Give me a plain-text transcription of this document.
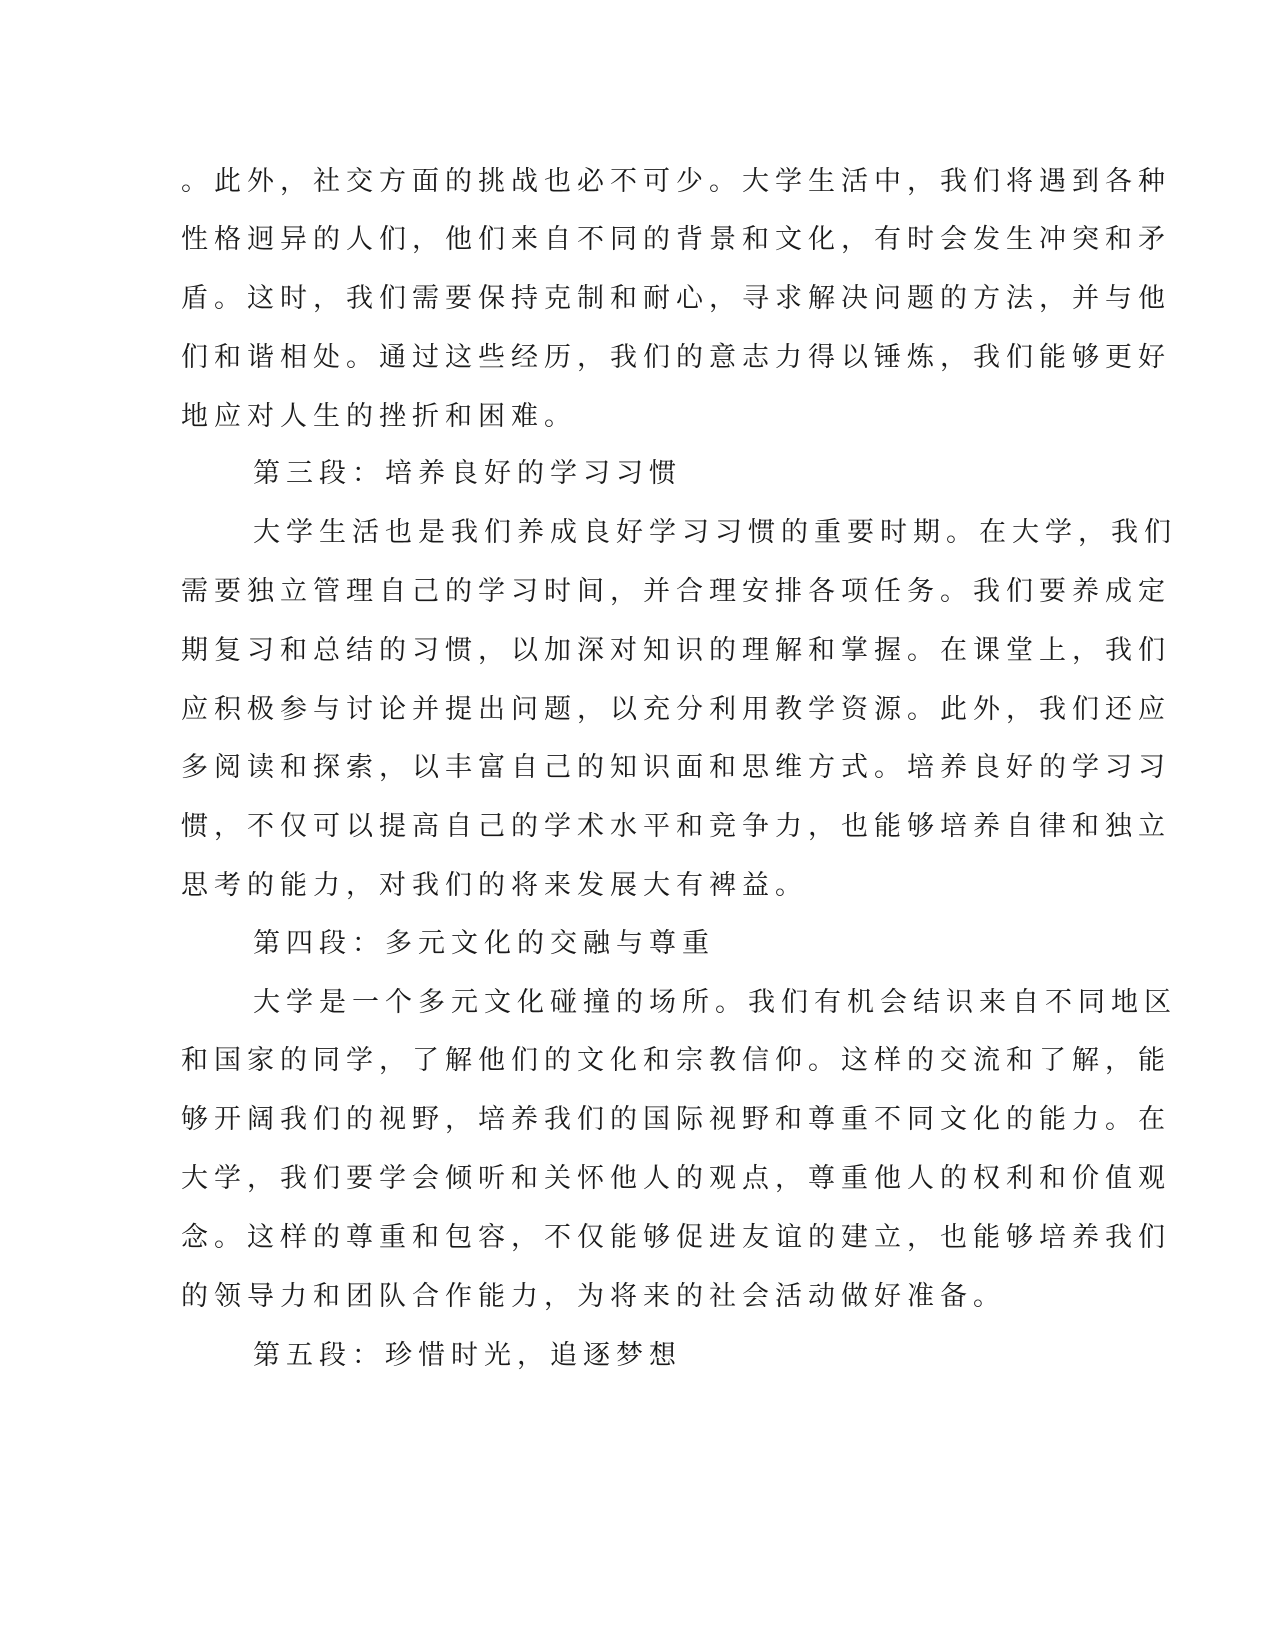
。此外，社交方面的挑战也必不可少。大学生活中，我们将遇到各种
性格迥异的人们，他们来自不同的背景和文化，有时会发生冲突和矛
盾。这时，我们需要保持克制和耐心，寻求解决问题的方法，并与他
们和谐相处。通过这些经历，我们的意志力得以锤炼，我们能够更好
地应对人生的挫折和困难。
第三段：培养良好的学习习惯
大学生活也是我们养成良好学习习惯的重要时期。在大学，我们
需要独立管理自己的学习时间，并合理安排各项任务。我们要养成定
期复习和总结的习惯，以加深对知识的理解和掌握。在课堂上，我们
应积极参与讨论并提出问题，以充分利用教学资源。此外，我们还应
多阅读和探索，以丰富自己的知识面和思维方式。培养良好的学习习
惯，不仅可以提高自己的学术水平和竞争力，也能够培养自律和独立
思考的能力，对我们的将来发展大有裨益。
第四段：多元文化的交融与尊重
大学是一个多元文化碰撞的场所。我们有机会结识来自不同地区
和国家的同学，了解他们的文化和宗教信仰。这样的交流和了解，能
够开阔我们的视野，培养我们的国际视野和尊重不同文化的能力。在
大学，我们要学会倾听和关怀他人的观点，尊重他人的权利和价值观
念。这样的尊重和包容，不仅能够促进友谊的建立，也能够培养我们
的领导力和团队合作能力，为将来的社会活动做好准备。
第五段：珍惜时光，追逐梦想
